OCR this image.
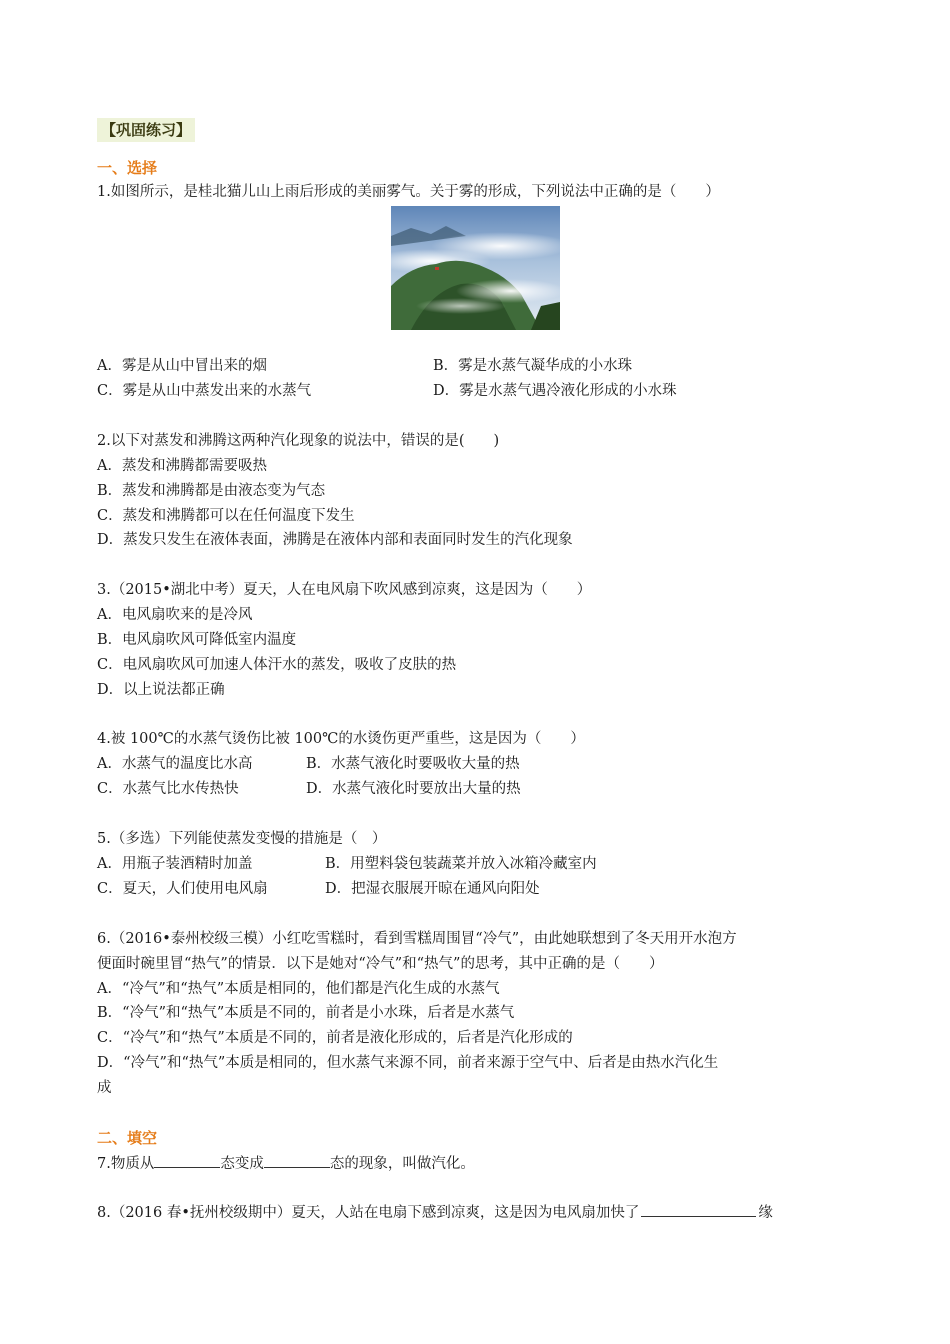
【巩固练习】
一、选择
1.如图所示，是桂北猫儿山上雨后形成的美丽雾气。关于雾的形成，下列说法中正确的是（　　）
A．雾是从山中冒出来的烟	B．雾是水蒸气凝华成的小水珠
C．雾是从山中蒸发出来的水蒸气	D．雾是水蒸气遇冷液化形成的小水珠
2.以下对蒸发和沸腾这两种汽化现象的说法中，错误的是(　　)
A．蒸发和沸腾都需要吸热
B．蒸发和沸腾都是由液态变为气态
C．蒸发和沸腾都可以在任何温度下发生
D．蒸发只发生在液体表面，沸腾是在液体内部和表面同时发生的汽化现象
3.（2015•湖北中考）夏天，人在电风扇下吹风感到凉爽，这是因为（　　）
A．电风扇吹来的是冷风
B．电风扇吹风可降低室内温度
C．电风扇吹风可加速人体汗水的蒸发，吸收了皮肤的热
D．以上说法都正确
4.被 100℃的水蒸气烫伤比被 100℃的水烫伤更严重些，这是因为（　　）
A．水蒸气的温度比水高	B．水蒸气液化时要吸收大量的热
C．水蒸气比水传热快	D．水蒸气液化时要放出大量的热
5.（多选）下列能使蒸发变慢的措施是（　）
A．用瓶子装酒精时加盖	B．用塑料袋包装蔬菜并放入冰箱冷藏室内
C．夏天，人们使用电风扇	D．把湿衣服展开晾在通风向阳处
6.（2016•泰州校级三模）小红吃雪糕时，看到雪糕周围冒“冷气”，由此她联想到了冬天用开水泡方
便面时碗里冒“热气”的情景．以下是她对“冷气”和“热气”的思考，其中正确的是（　　）
A．“冷气”和“热气”本质是相同的，他们都是汽化生成的水蒸气
B．“冷气”和“热气”本质是不同的，前者是小水珠，后者是水蒸气
C．“冷气”和“热气”本质是不同的，前者是液化形成的，后者是汽化形成的
D．“冷气”和“热气”本质是相同的，但水蒸气来源不同，前者来源于空气中、后者是由热水汽化生
成
二、填空
7.物质从	态变成	态的现象，叫做汽化。
8.（2016 春•抚州校级期中）夏天，人站在电扇下感到凉爽，这是因为电风扇加快了	缘
